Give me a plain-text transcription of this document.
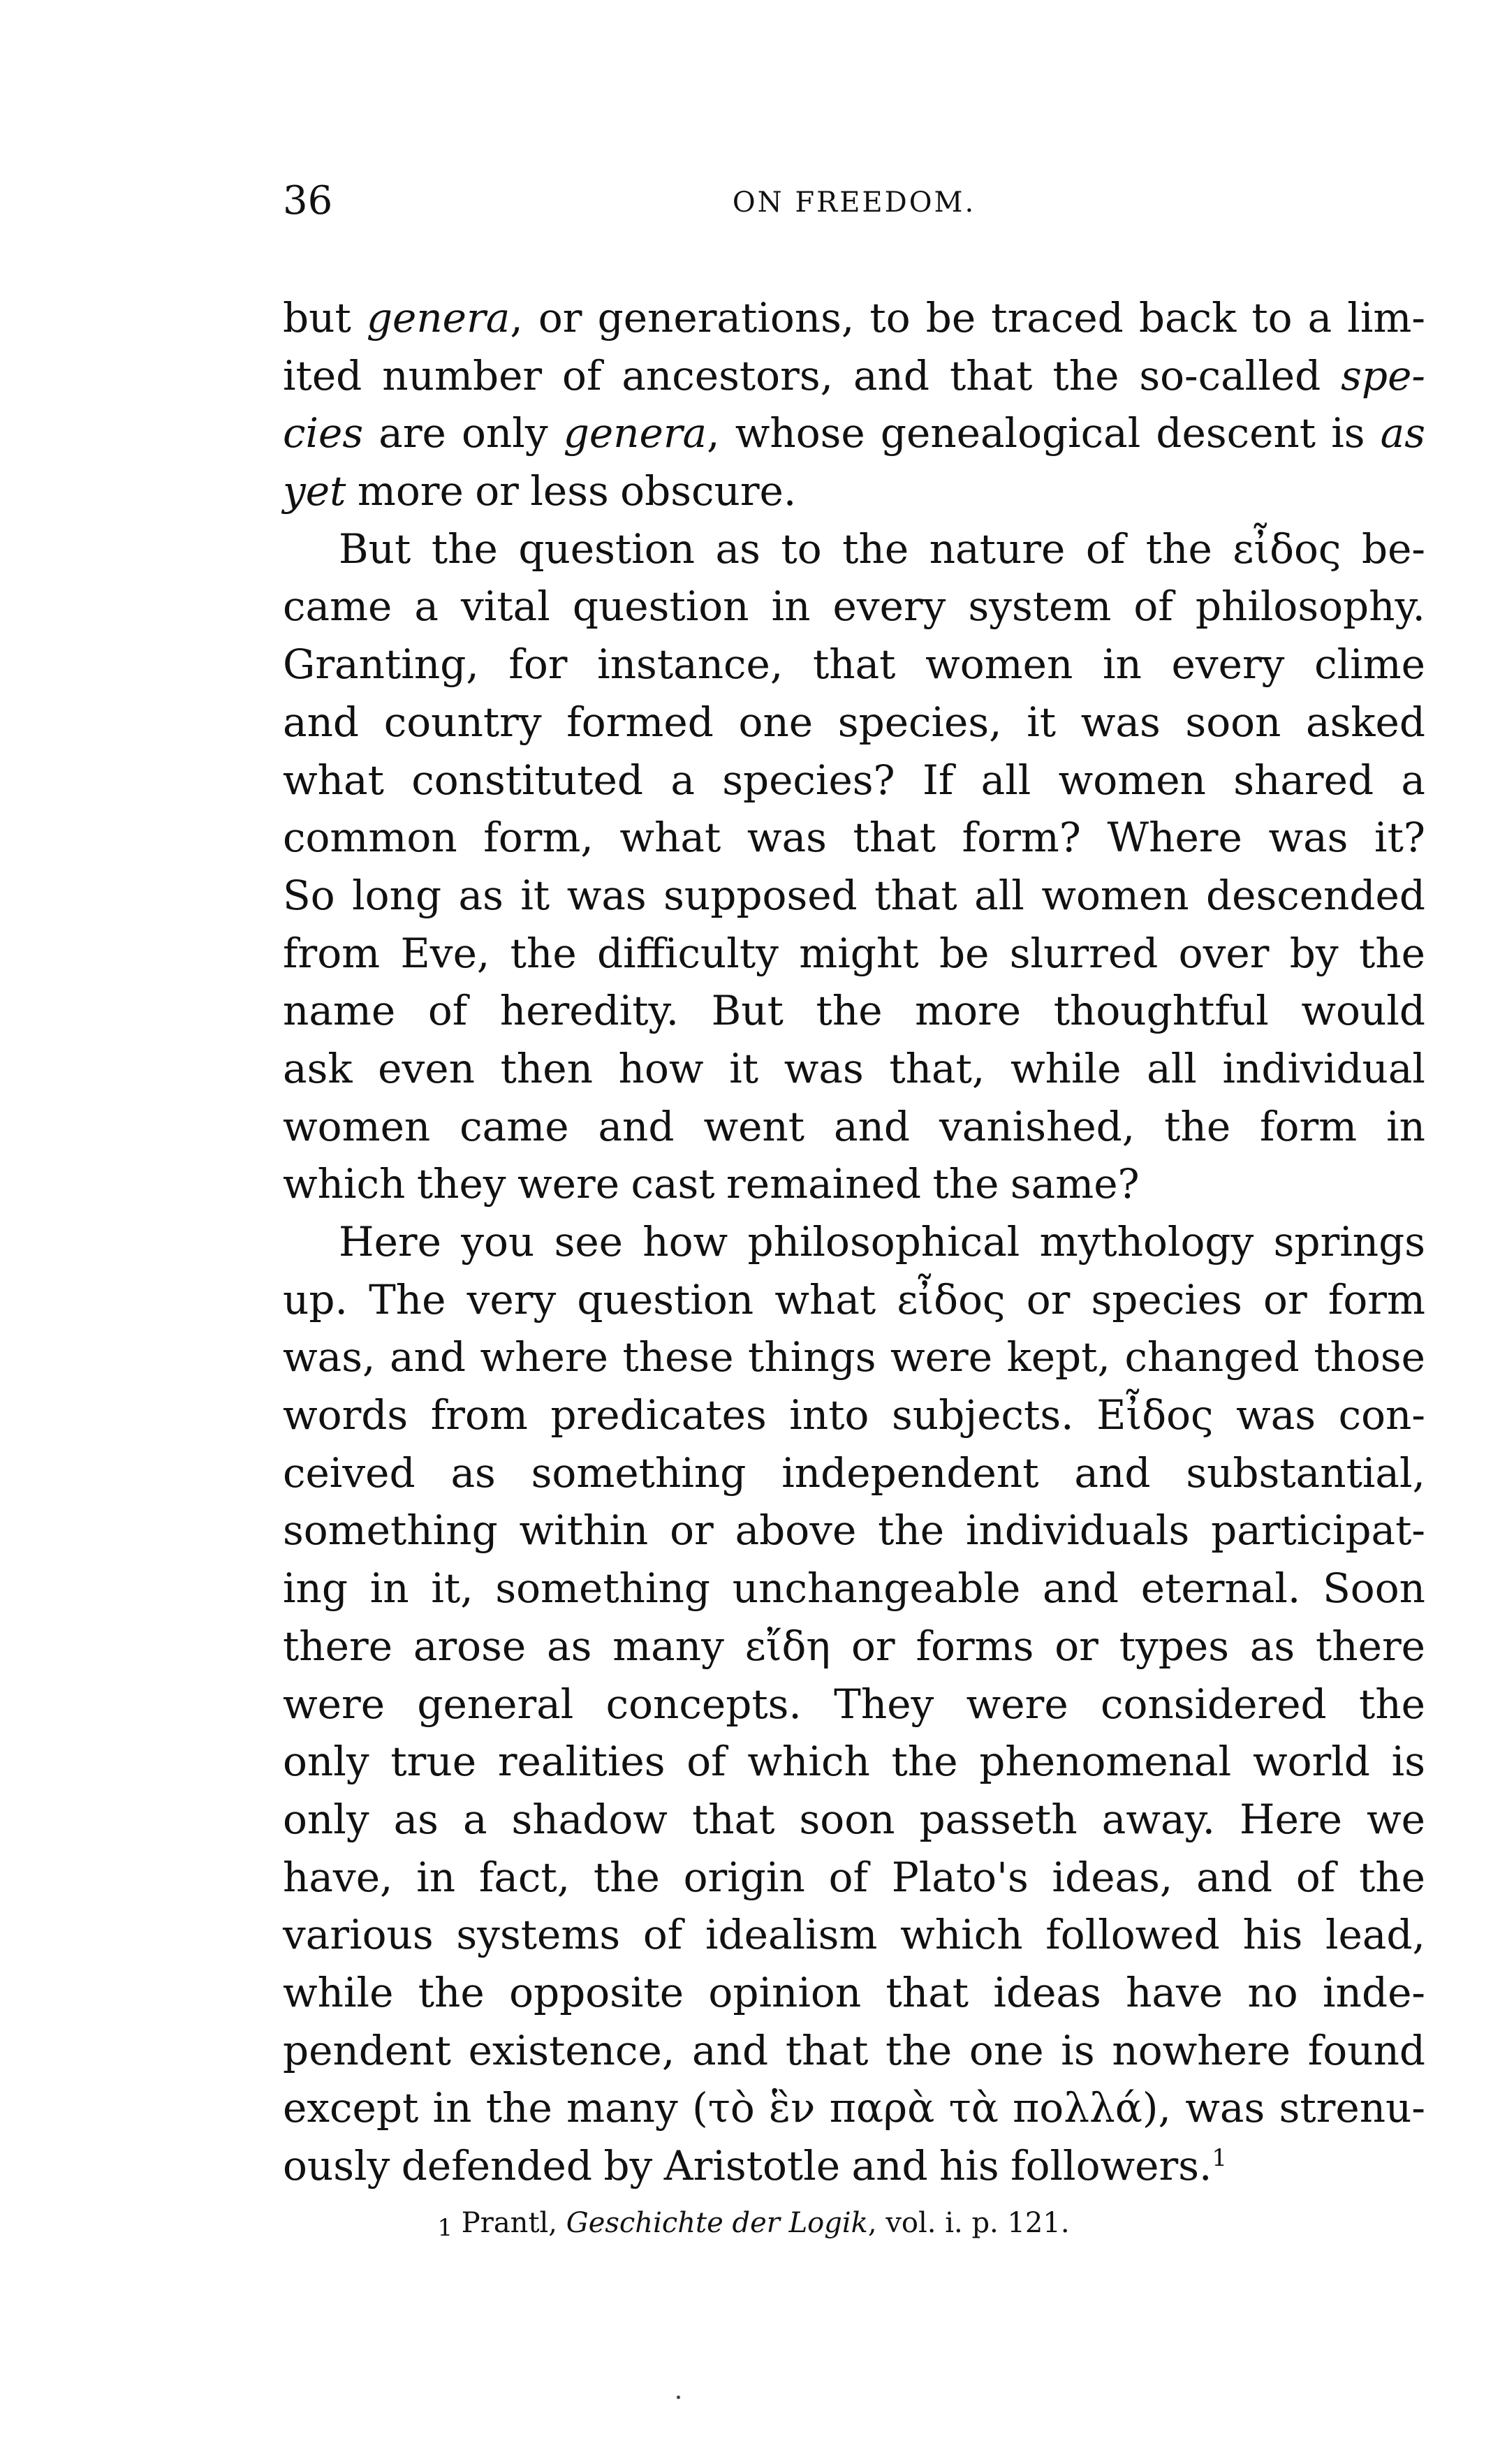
36	ON FREEDOM.
but genera, or generations, to be traced back to a lim-
ited number of ancestors, and that the so-called spe-
cies are only genera, whose genealogical descent is as
yet more or less obscure.
But the question as to the nature of the εἶδος be-
came a vital question in every system of philosophy.
Granting, for instance, that women in every clime
and country formed one species, it was soon asked
what constituted a species? If all women shared a
common form, what was that form? Where was it?
So long as it was supposed that all women descended
from Eve, the difficulty might be slurred over by the
name of heredity. But the more thoughtful would
ask even then how it was that, while all individual
women came and went and vanished, the form in
which they were cast remained the same?
Here you see how philosophical mythology springs
up. The very question what εἶδος or species or form
was, and where these things were kept, changed those
words from predicates into subjects. Εἶδος was con-
ceived as something independent and substantial,
something within or above the individuals participat-
ing in it, something unchangeable and eternal. Soon
there arose as many εἴδη or forms or types as there
were general concepts. They were considered the
only true realities of which the phenomenal world is
only as a shadow that soon passeth away. Here we
have, in fact, the origin of Plato's ideas, and of the
various systems of idealism which followed his lead,
while the opposite opinion that ideas have no inde-
pendent existence, and that the one is nowhere found
except in the many (τὸ ἓν παρὰ τὰ πολλά), was strenu-
ously defended by Aristotle and his followers.$^1$
$^1$ Prantl, Geschichte der Logik, vol. i. p. 121.
